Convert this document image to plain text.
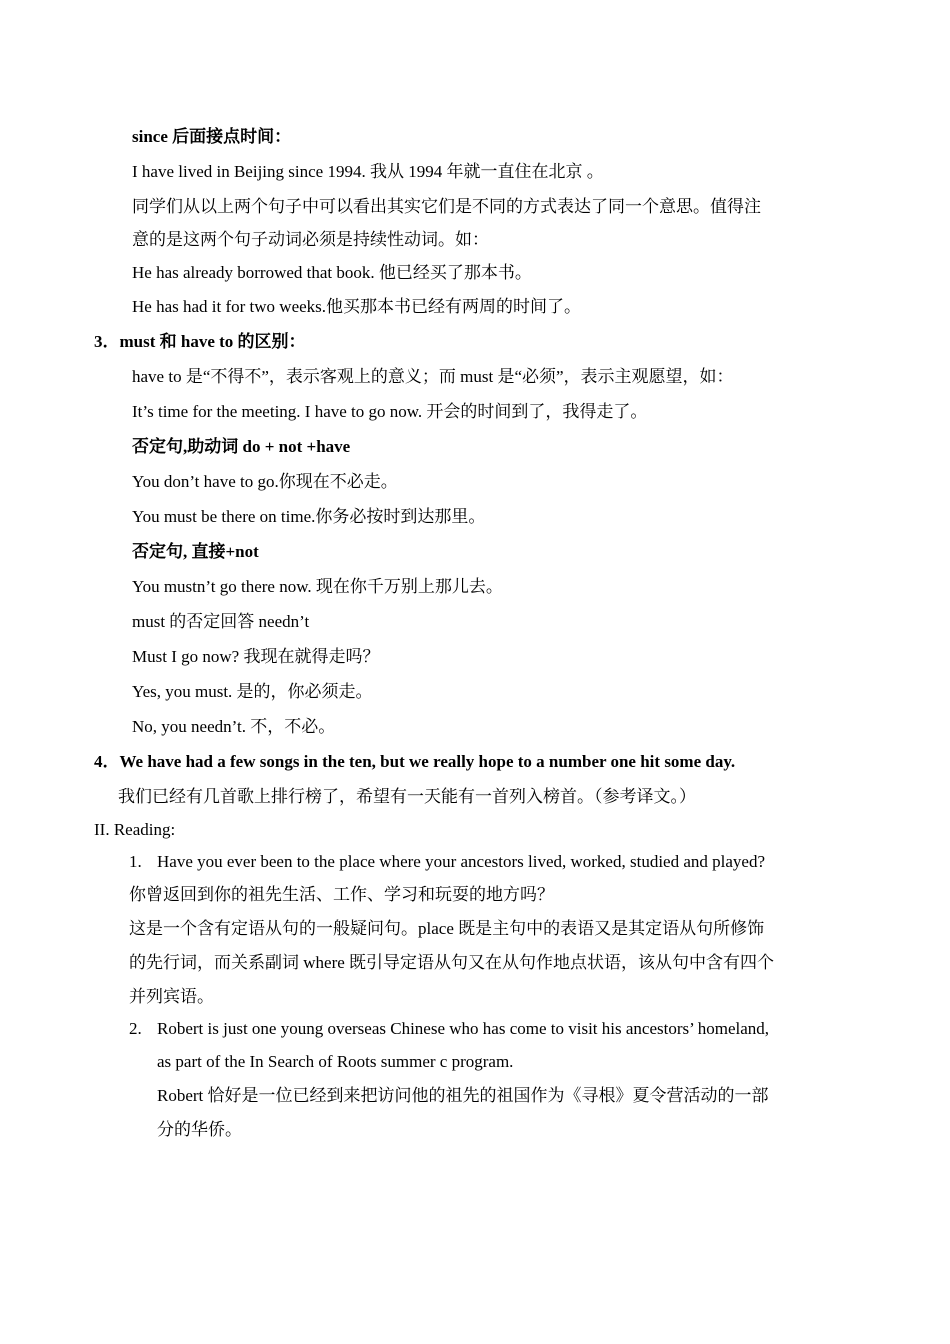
since 后面接点时间：
I have lived in Beijing since 1994. 我从 1994 年就一直住在北京 。
同学们从以上两个句子中可以看出其实它们是不同的方式表达了同一个意思。值得注
意的是这两个句子动词必须是持续性动词。如：
He has already borrowed that book. 他已经买了那本书。
He has had it for two weeks.他买那本书已经有两周的时间了。
3．must 和 have to 的区别：
have to 是“不得不”，表示客观上的意义；而 must 是“必须”，表示主观愿望，如：
It’s time for the meeting. I have to go now. 开会的时间到了，我得走了。
否定句,助动词 do + not +have
You don’t have to go.你现在不必走。
You must be there on time.你务必按时到达那里。
否定句, 直接+not
You mustn’t go there now. 现在你千万别上那儿去。
must 的否定回答 needn’t
Must I go now? 我现在就得走吗？
Yes, you must. 是的，你必须走。
No, you needn’t. 不，不必。
4．We have had a few songs in the ten, but we really hope to a number one hit some day.
我们已经有几首歌上排行榜了，希望有一天能有一首列入榜首。（参考译文。）
II. Reading:
1. Have you ever been to the place where your ancestors lived, worked, studied and played?
你曾返回到你的祖先生活、工作、学习和玩耍的地方吗？
这是一个含有定语从句的一般疑问句。place 既是主句中的表语又是其定语从句所修饰
的先行词，而关系副词 where 既引导定语从句又在从句作地点状语，该从句中含有四个
并列宾语。
2. Robert is just one young overseas Chinese who has come to visit his ancestors’ homeland,
as part of the In Search of Roots summer c program.
Robert 恰好是一位已经到来把访问他的祖先的祖国作为《寻根》夏令营活动的一部
分的华侨。
